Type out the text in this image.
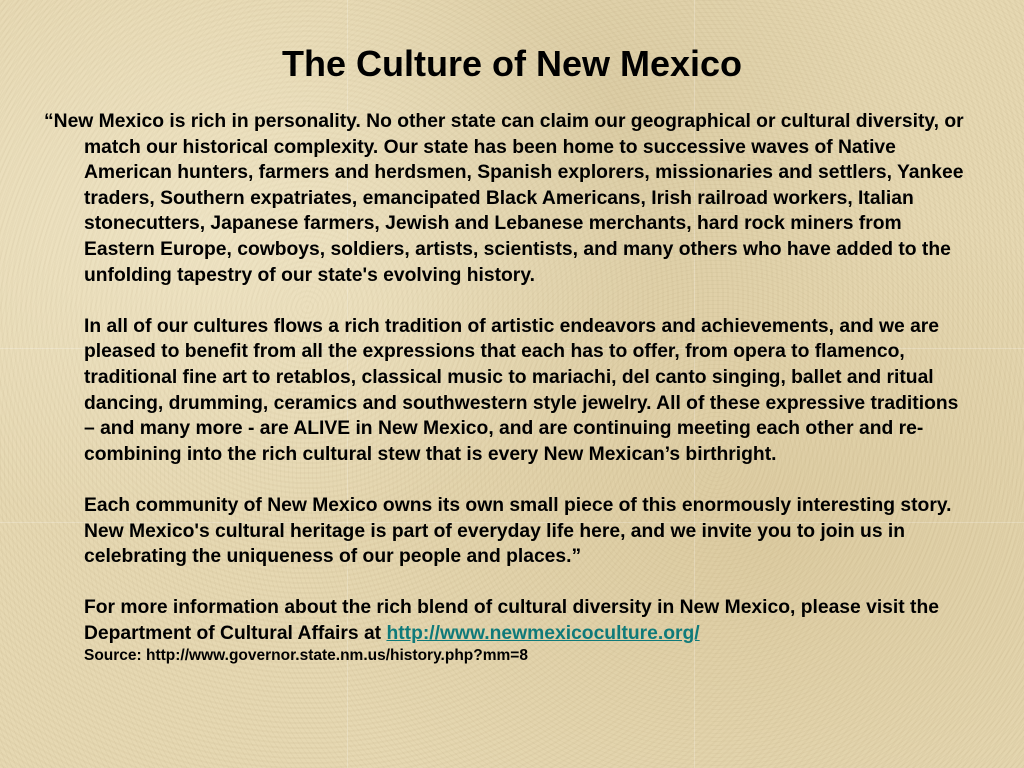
The Culture of New Mexico

“New Mexico is rich in personality. No other state can claim our geographical or cultural diversity, or match our historical complexity. Our state has been home to successive waves of Native American hunters, farmers and herdsmen, Spanish explorers, missionaries and settlers, Yankee traders, Southern expatriates, emancipated Black Americans, Irish railroad workers, Italian stonecutters, Japanese farmers, Jewish and Lebanese merchants, hard rock miners from Eastern Europe, cowboys, soldiers, artists, scientists, and many others who have added to the unfolding tapestry of our state's evolving history.

In all of our cultures flows a rich tradition of artistic endeavors and achievements, and we are pleased to benefit from all the expressions that each has to offer, from opera to flamenco, traditional fine art to retablos, classical music to mariachi, del canto singing, ballet and ritual dancing, drumming, ceramics and southwestern style jewelry. All of these expressive traditions – and many more - are ALIVE in New Mexico, and are continuing meeting each other and re-combining into the rich cultural stew that is every New Mexican’s birthright.

Each community of New Mexico owns its own small piece of this enormously interesting story. New Mexico's cultural heritage is part of everyday life here, and we invite you to join us in celebrating the uniqueness of our people and places.”

For more information about the rich blend of cultural diversity in New Mexico, please visit the Department of Cultural Affairs at http://www.newmexicoculture.org/

Source: http://www.governor.state.nm.us/history.php?mm=8
